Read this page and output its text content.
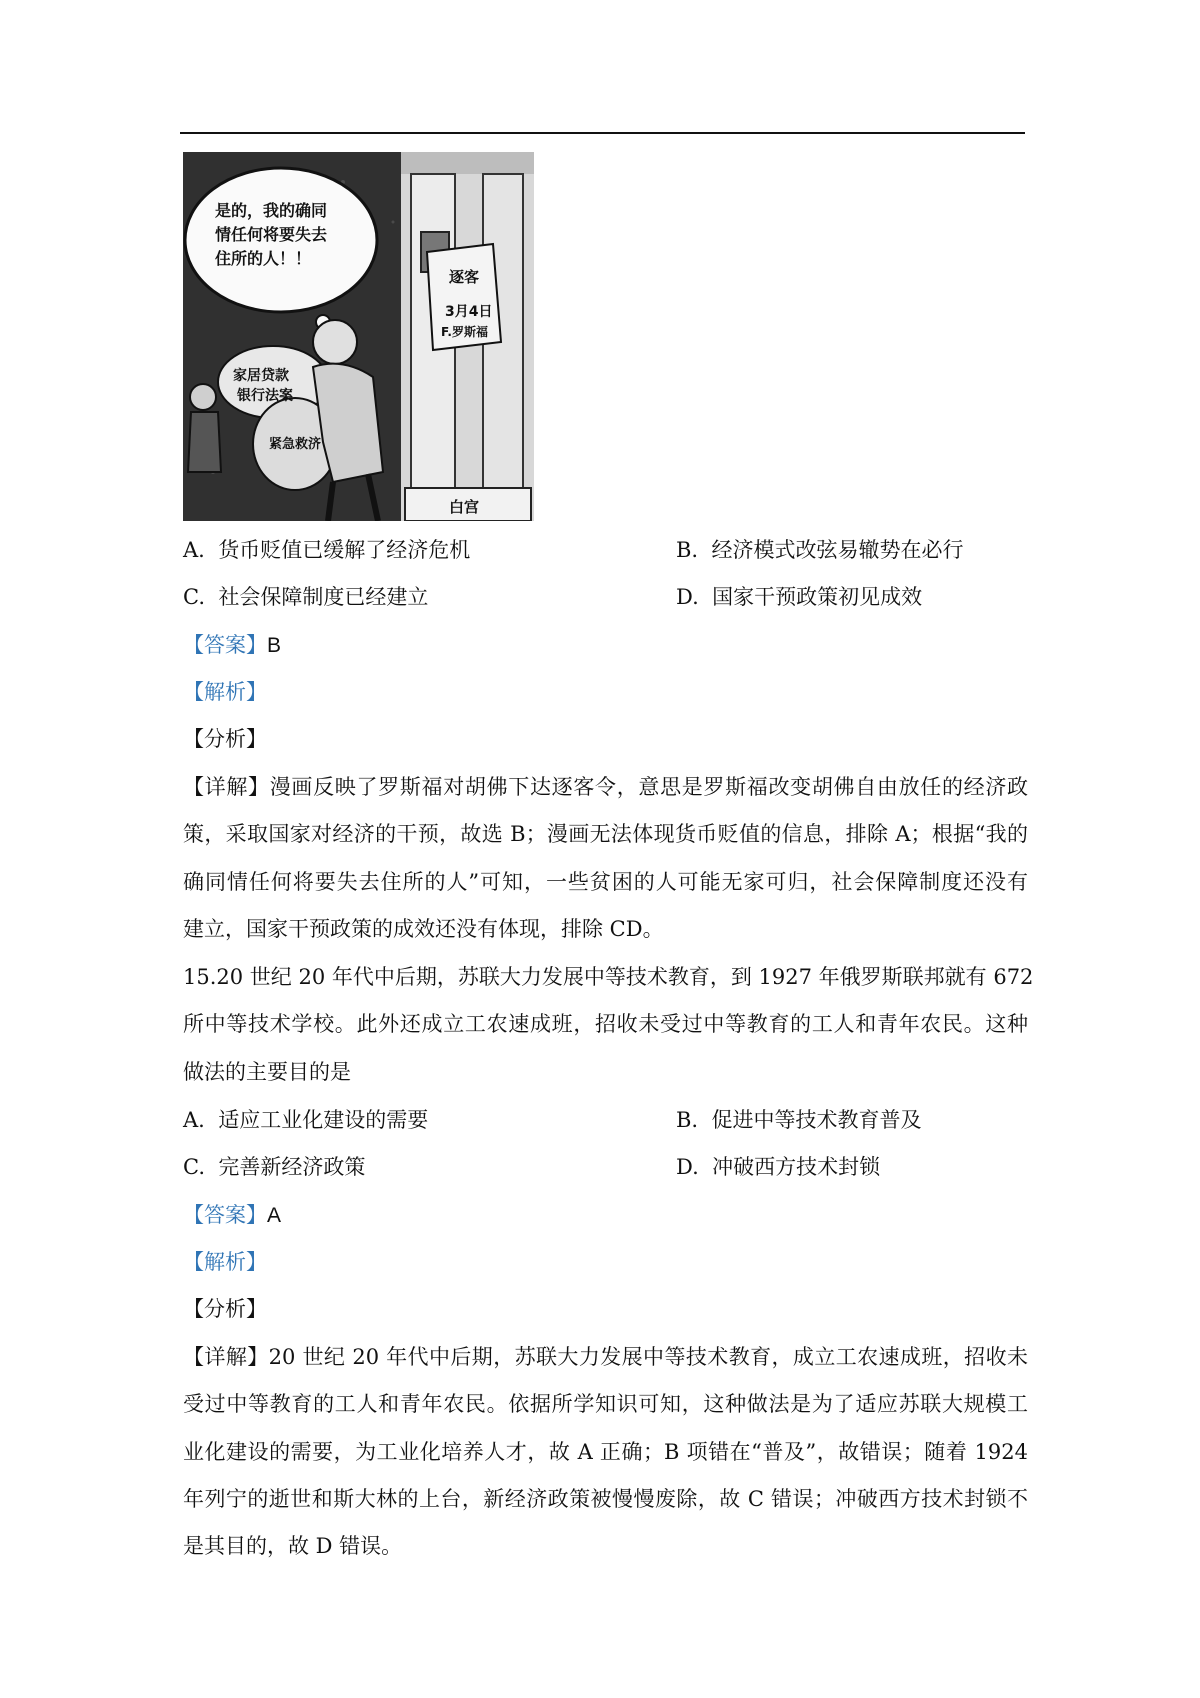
是的，我的确同
情任何将要失去
住所的人！！
逐客
3月4日
F.罗斯福
家居贷款
银行法案
紧急救济
白宫
A. 货币贬值已缓解了经济危机	B. 经济模式改弦易辙势在必行
C. 社会保障制度已经建立	D. 国家干预政策初见成效
【答案】B
【解析】
【分析】
【详解】漫画反映了罗斯福对胡佛下达逐客令，意思是罗斯福改变胡佛自由放任的经济政
策，采取国家对经济的干预，故选 B；漫画无法体现货币贬值的信息，排除 A；根据“我的
确同情任何将要失去住所的人”可知，一些贫困的人可能无家可归，社会保障制度还没有
建立，国家干预政策的成效还没有体现，排除 CD。
15.20 世纪 20 年代中后期，苏联大力发展中等技术教育，到 1927 年俄罗斯联邦就有 672
所中等技术学校。此外还成立工农速成班，招收未受过中等教育的工人和青年农民。这种
做法的主要目的是
A. 适应工业化建设的需要	B. 促进中等技术教育普及
C. 完善新经济政策	D. 冲破西方技术封锁
【答案】A
【解析】
【分析】
【详解】20 世纪 20 年代中后期，苏联大力发展中等技术教育，成立工农速成班，招收未
受过中等教育的工人和青年农民。依据所学知识可知，这种做法是为了适应苏联大规模工
业化建设的需要，为工业化培养人才，故 A 正确；B 项错在“普及”，故错误；随着 1924
年列宁的逝世和斯大林的上台，新经济政策被慢慢废除，故 C 错误；冲破西方技术封锁不
是其目的，故 D 错误。
